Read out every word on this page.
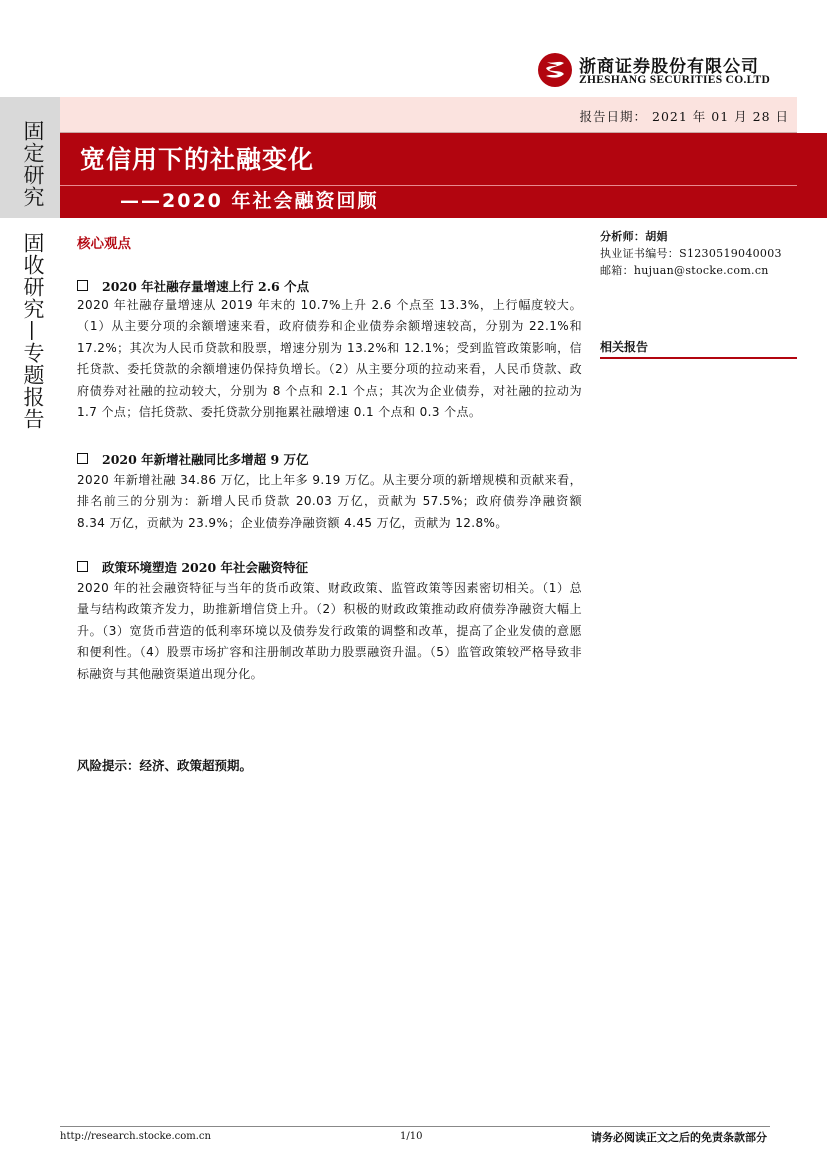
浙商证券股份有限公司
ZHESHANG SECURITIES CO.LTD
固定研究
固收研究—专题报告
报告日期： 2021 年 01 月 28 日
宽信用下的社融变化
——2020 年社会融资回顾
核心观点
2020 年社融存量增速上行 2.6 个点
2020 年社融存量增速从 2019 年末的 10.7%上升 2.6 个点至 13.3%，上行幅度较大。（1）从主要分项的余额增速来看，政府债券和企业债券余额增速较高，分别为 22.1%和 17.2%；其次为人民币贷款和股票，增速分别为 13.2%和 12.1%；受到监管政策影响，信托贷款、委托贷款的余额增速仍保持负增长。（2）从主要分项的拉动来看，人民币贷款、政府债券对社融的拉动较大，分别为 8 个点和 2.1 个点；其次为企业债券，对社融的拉动为 1.7 个点；信托贷款、委托贷款分别拖累社融增速 0.1 个点和 0.3 个点。
2020 年新增社融同比多增超 9 万亿
2020 年新增社融 34.86 万亿，比上年多 9.19 万亿。从主要分项的新增规模和贡献来看，排名前三的分别为：新增人民币贷款 20.03 万亿，贡献为 57.5%；政府债券净融资额 8.34 万亿，贡献为 23.9%；企业债券净融资额 4.45 万亿，贡献为 12.8%。
政策环境塑造 2020 年社会融资特征
2020 年的社会融资特征与当年的货币政策、财政政策、监管政策等因素密切相关。（1）总量与结构政策齐发力，助推新增信贷上升。（2）积极的财政政策推动政府债券净融资大幅上升。（3）宽货币营造的低利率环境以及债券发行政策的调整和改革，提高了企业发债的意愿和便利性。（4）股票市场扩容和注册制改革助力股票融资升温。（5）监管政策较严格导致非标融资与其他融资渠道出现分化。
风险提示：经济、政策超预期。
分析师：胡娟
执业证书编号：S1230519040003
邮箱：hujuan@stocke.com.cn
相关报告
http://research.stocke.com.cn	1/10	请务必阅读正文之后的免责条款部分
